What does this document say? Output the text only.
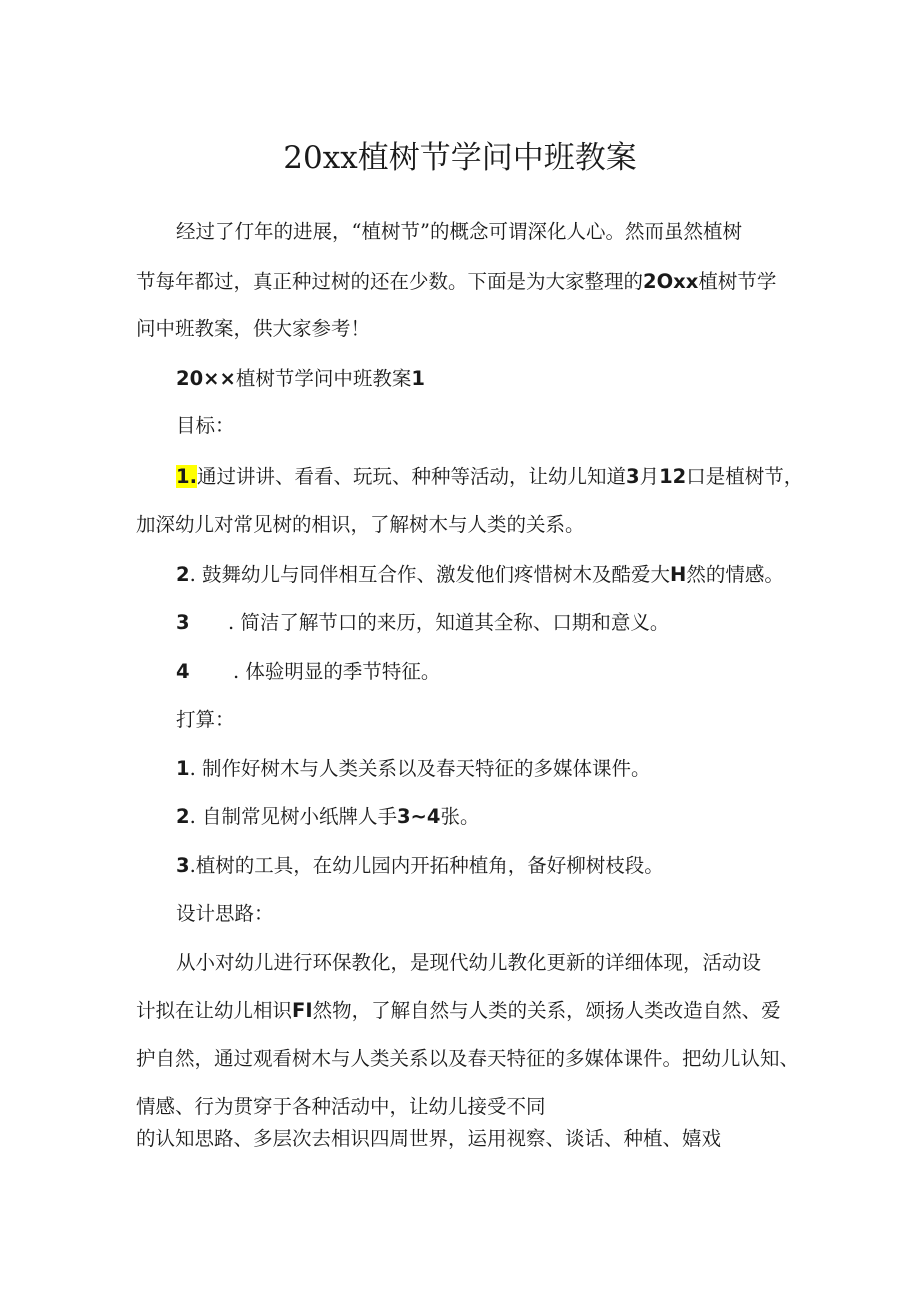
20xx植树节学问中班教案
经过了仃年的进展，“植树节”的概念可谓深化人心。然而虽然植树
节每年都过，真正种过树的还在少数。下面是为大家整理的2Oxx植树节学
问中班教案，供大家参考！
20××植树节学问中班教案1
目标：
1.通过讲讲、看看、玩玩、种种等活动，让幼儿知道3月12口是植树节，
加深幼儿对常见树的相识，了解树木与人类的关系。
2. 鼓舞幼儿与同伴相互合作、激发他们疼惜树木及酷爱大H然的情感。
3 . 简洁了解节口的来历，知道其全称、口期和意义。
4 . 体验明显的季节特征。
打算：
1. 制作好树木与人类关系以及春天特征的多媒体课件。
2. 自制常见树小纸牌人手3~4张。
3.植树的工具，在幼儿园内开拓种植角，备好柳树枝段。
设计思路：
从小对幼儿进行环保教化，是现代幼儿教化更新的详细体现，活动设
计拟在让幼儿相识FI然物，了解自然与人类的关系，颂扬人类改造自然、爱
护自然，通过观看树木与人类关系以及春天特征的多媒体课件。把幼儿认知、
情感、行为贯穿于各种活动中，让幼儿接受不同
的认知思路、多层次去相识四周世界，运用视察、谈话、种植、嬉戏
